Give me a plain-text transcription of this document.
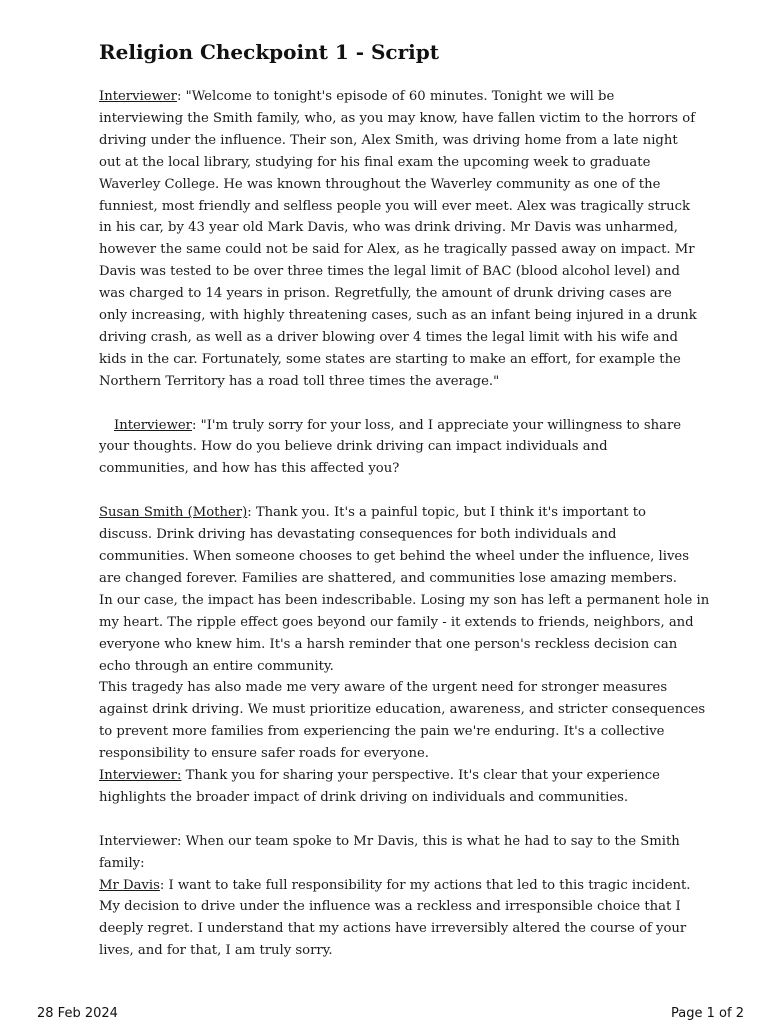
Religion Checkpoint 1 - Script

Interviewer: "Welcome to tonight's episode of 60 minutes. Tonight we will be
interviewing the Smith family, who, as you may know, have fallen victim to the horrors of
driving under the influence. Their son, Alex Smith, was driving home from a late night
out at the local library, studying for his final exam the upcoming week to graduate
Waverley College. He was known throughout the Waverley community as one of the
funniest, most friendly and selfless people you will ever meet. Alex was tragically struck
in his car, by 43 year old Mark Davis, who was drink driving. Mr Davis was unharmed,
however the same could not be said for Alex, as he tragically passed away on impact. Mr
Davis was tested to be over three times the legal limit of BAC (blood alcohol level) and
was charged to 14 years in prison. Regretfully, the amount of drunk driving cases are
only increasing, with highly threatening cases, such as an infant being injured in a drunk
driving crash, as well as a driver blowing over 4 times the legal limit with his wife and
kids in the car. Fortunately, some states are starting to make an effort, for example the
Northern Territory has a road toll three times the average."

Interviewer: "I'm truly sorry for your loss, and I appreciate your willingness to share
your thoughts. How do you believe drink driving can impact individuals and
communities, and how has this affected you?

Susan Smith (Mother): Thank you. It's a painful topic, but I think it's important to
discuss. Drink driving has devastating consequences for both individuals and
communities. When someone chooses to get behind the wheel under the influence, lives
are changed forever. Families are shattered, and communities lose amazing members.
In our case, the impact has been indescribable. Losing my son has left a permanent hole in
my heart. The ripple effect goes beyond our family - it extends to friends, neighbors, and
everyone who knew him. It's a harsh reminder that one person's reckless decision can
echo through an entire community.
This tragedy has also made me very aware of the urgent need for stronger measures
against drink driving. We must prioritize education, awareness, and stricter consequences
to prevent more families from experiencing the pain we're enduring. It's a collective
responsibility to ensure safer roads for everyone.

Interviewer: Thank you for sharing your perspective. It's clear that your experience
highlights the broader impact of drink driving on individuals and communities.

Interviewer: When our team spoke to Mr Davis, this is what he had to say to the Smith
family:

Mr Davis: I want to take full responsibility for my actions that led to this tragic incident.
My decision to drive under the influence was a reckless and irresponsible choice that I
deeply regret. I understand that my actions have irreversibly altered the course of your
lives, and for that, I am truly sorry.

28 Feb 2024	Page 1 of 2
